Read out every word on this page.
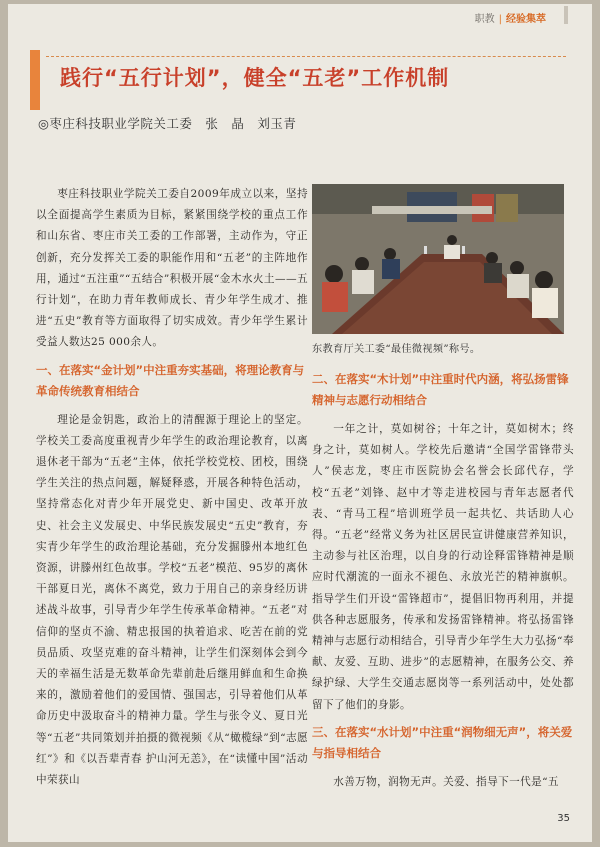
职教 | 经验集萃
践行“五行计划”，健全“五老”工作机制
◎枣庄科技职业学院关工委　张　晶　刘玉青

枣庄科技职业学院关工委自2009年成立以来，坚持以全面提高学生素质为目标，紧紧围绕学校的重点工作和山东省、枣庄市关工委的工作部署，主动作为，守正创新，充分发挥关工委的职能作用和“五老”的主阵地作用，通过“五注重”“五结合”积极开展“金木水火土——五行计划”，在助力青年教师成长、青少年学生成才、推进“五史”教育等方面取得了切实成效。青少年学生累计受益人数达25 000余人。

一、在落实“金计划”中注重夯实基础，将理论教育与革命传统教育相结合

理论是金钥匙，政治上的清醒源于理论上的坚定。学校关工委高度重视青少年学生的政治理论教育，以离退休老干部为“五老”主体，依托学校党校、团校，围绕学生关注的热点问题，解疑释惑，开展各种特色活动，坚持常态化对青少年开展党史、新中国史、改革开放史、社会主义发展史、中华民族发展史“五史”教育，夯实青少年学生的政治理论基础，充分发掘滕州本地红色资源，讲滕州红色故事。学校“五老”模范、95岁的离休干部夏日光，离休不离党，致力于用自己的亲身经历讲述战斗故事，引导青少年学生传承革命精神。“五老”对信仰的坚贞不渝、精忠报国的执着追求、吃苦在前的党员品质、攻坚克难的奋斗精神，让学生们深刻体会到今天的幸福生活是无数革命先辈前赴后继用鲜血和生命换来的，激励着他们的爱国情、强国志，引导着他们从革命历史中汲取奋斗的精神力量。学生与张令义、夏日光等“五老”共同策划并拍摄的微视频《从“橄榄绿”到“志愿红”》和《以吾辈青春 护山河无恙》，在“读懂中国”活动中荣获山

东教育厅关工委“最佳微视频”称号。
二、在落实“木计划”中注重时代内涵，将弘扬雷锋精神与志愿行动相结合

一年之计，莫如树谷；十年之计，莫如树木；终身之计，莫如树人。学校先后邀请“全国学雷锋带头人”侯志龙，枣庄市医院协会名誉会长邱代存，学校“五老”刘锋、赵中才等走进校园与青年志愿者代表、“青马工程”培训班学员一起共忆、共话助人心得。“五老”经常义务为社区居民宣讲健康营养知识，主动参与社区治理，以自身的行动诠释雷锋精神是顺应时代潮流的一面永不褪色、永放光芒的精神旗帜。指导学生们开设“雷锋超市”，提倡旧物再利用，并提供各种志愿服务，传承和发扬雷锋精神。将弘扬雷锋精神与志愿行动相结合，引导青少年学生大力弘扬“奉献、友爱、互助、进步”的志愿精神，在服务公交、养绿护绿、大学生交通志愿岗等一系列活动中，处处都留下了他们的身影。

三、在落实“水计划”中注重“润物细无声”，将关爱与指导相结合

水善万物，润物无声。关爱、指导下一代是“五

35
